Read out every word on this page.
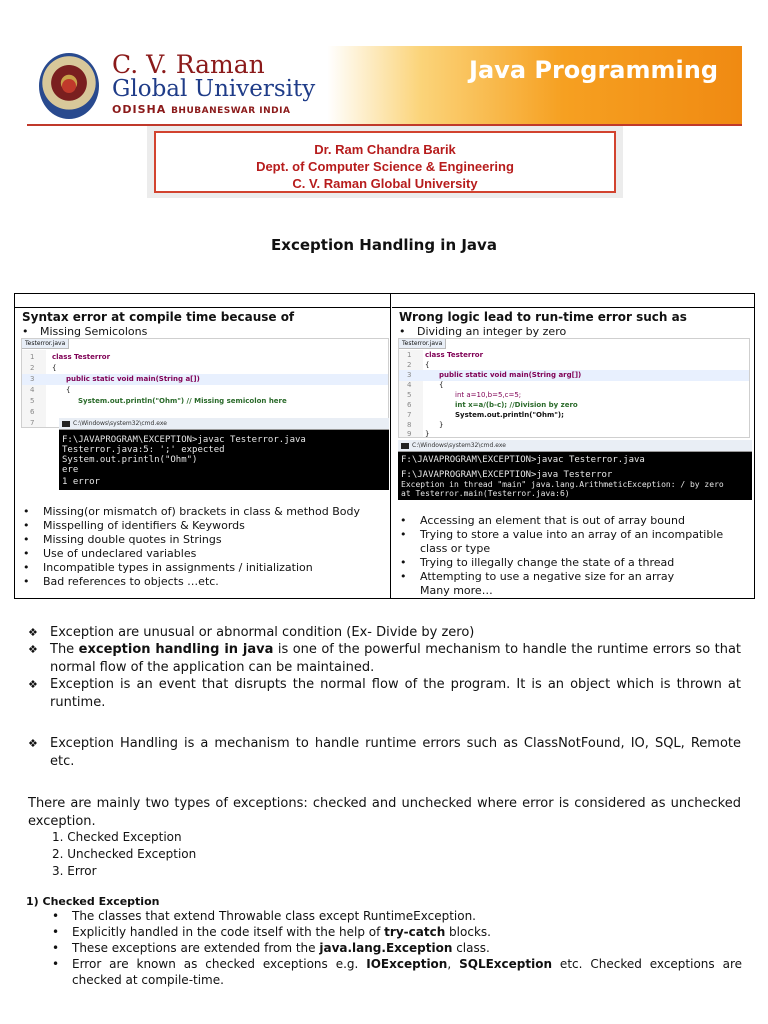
C. V. Raman
Global University
ODISHA BHUBANESWAR INDIA
Java Programming
Dr. Ram Chandra Barik
Dept. of Computer Science & Engineering
C. V. Raman Global University
Exception Handling in Java
Syntax error at compile time because of
• Missing Semicolons
Testerror.java
1	class Testerror
2	{
3	public static void main(String a[])
4	{
5	System.out.println("Ohm") // Missing semicolon here
6
7	C:\Windows\system32\cmd.exe
F:\JAVAPROGRAM\EXCEPTION>javac Testerror.java
Testerror.java:5: ';' expected
System.out.println("Ohm")
ere
1 error
• Missing(or mismatch of) brackets in class & method Body
• Misspelling of identifiers & Keywords
• Missing double quotes in Strings
• Use of undeclared variables
• Incompatible types in assignments / initialization
• Bad references to objects …etc.
Wrong logic lead to run-time error such as
• Dividing an integer by zero
Testerror.java
1 class Testerror
2 {
3	public static void main(String arg[])
4	{
5	int a=10,b=5,c=5;
6	int x=a/(b-c); //Division by zero
7	System.out.println("Ohm");
8	}
9 }
C:\Windows\system32\cmd.exe
F:\JAVAPROGRAM\EXCEPTION>javac Testerror.java
F:\JAVAPROGRAM\EXCEPTION>java Testerror
Exception in thread "main" java.lang.ArithmeticException: / by zero
at Testerror.main(Testerror.java:6)
• Accessing an element that is out of array bound
• Trying to store a value into an array of an incompatible class or type
• Trying to illegally change the state of a thread
• Attempting to use a negative size for an array
Many more…
❖ Exception are unusual or abnormal condition (Ex- Divide by zero)
❖ The exception handling in java is one of the powerful mechanism to handle the runtime errors so that normal flow of the application can be maintained.
❖ Exception is an event that disrupts the normal flow of the program. It is an object which is thrown at runtime.
❖ Exception Handling is a mechanism to handle runtime errors such as ClassNotFound, IO, SQL, Remote etc.
There are mainly two types of exceptions: checked and unchecked where error is considered as unchecked exception.
1. Checked Exception
2. Unchecked Exception
3. Error
1) Checked Exception
• The classes that extend Throwable class except RuntimeException.
• Explicitly handled in the code itself with the help of try-catch blocks.
• These exceptions are extended from the java.lang.Exception class.
• Error are known as checked exceptions e.g. IOException, SQLException etc. Checked exceptions are checked at compile-time.
